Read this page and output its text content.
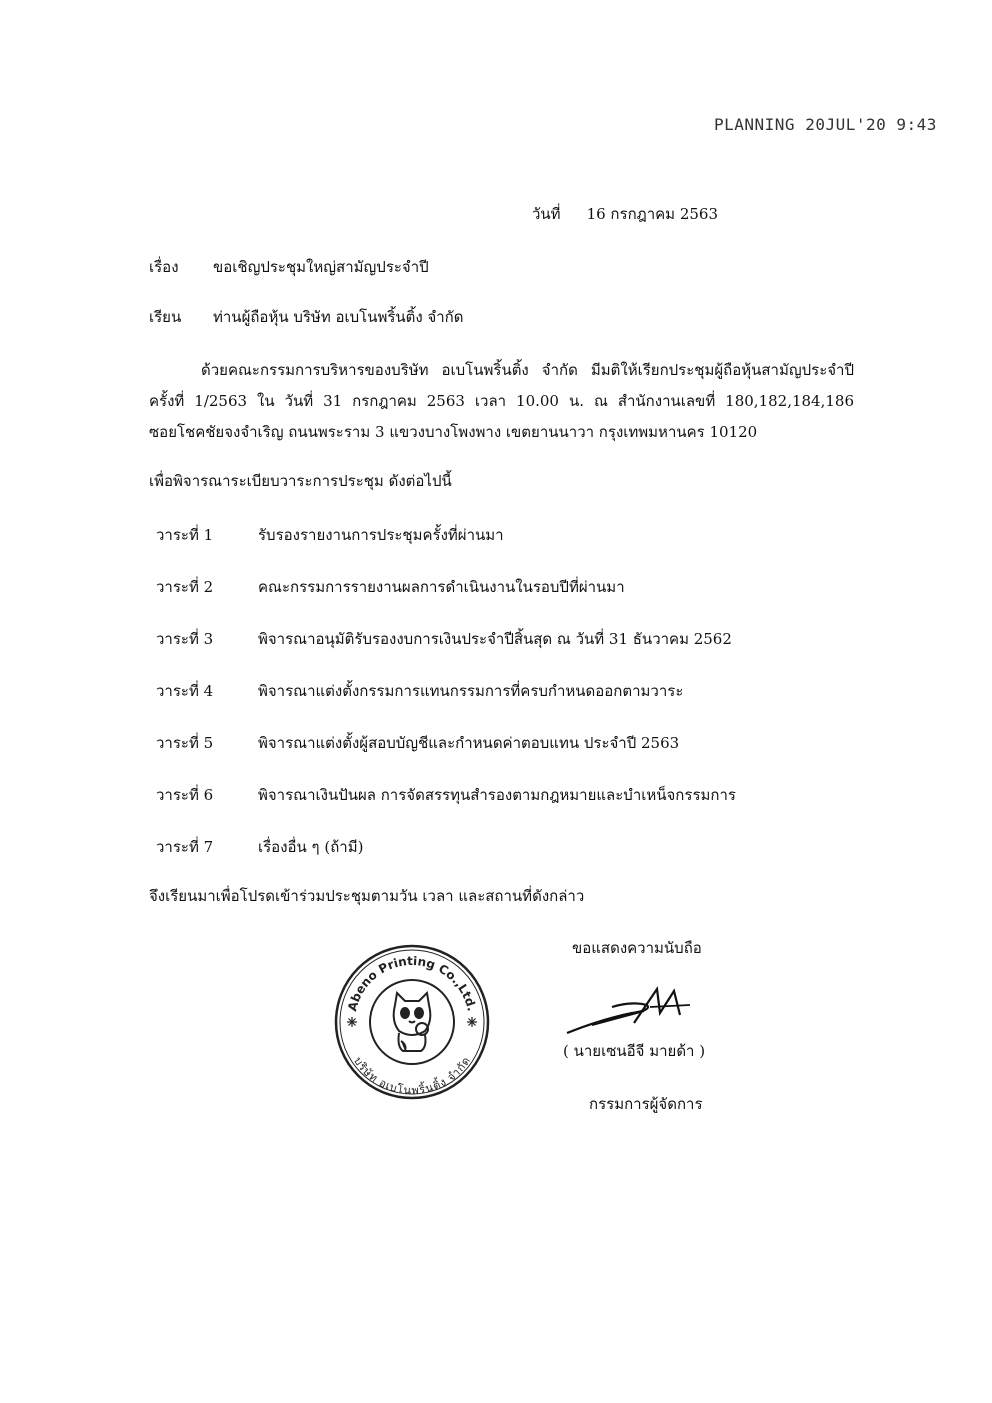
PLANNING 20JUL'20 9:43
วันที่ 16 กรกฎาคม 2563
เรื่อง ขอเชิญประชุมใหญ่สามัญประจำปี
เรียน ท่านผู้ถือหุ้น บริษัท อเบโนพริ้นติ้ง จำกัด
ด้วยคณะกรรมการบริหารของบริษัท อเบโนพริ้นติ้ง จำกัด มีมติให้เรียกประชุมผู้ถือหุ้นสามัญประจำปี
ครั้งที่ 1/2563 ใน วันที่ 31 กรกฎาคม 2563 เวลา 10.00 น. ณ สำนักงานเลขที่ 180,182,184,186
ซอยโชคชัยจงจำเริญ ถนนพระราม 3 แขวงบางโพงพาง เขตยานนาวา กรุงเทพมหานคร 10120
เพื่อพิจารณาระเบียบวาระการประชุม ดังต่อไปนี้
วาระที่ 1	รับรองรายงานการประชุมครั้งที่ผ่านมา
วาระที่ 2	คณะกรรมการรายงานผลการดำเนินงานในรอบปีที่ผ่านมา
วาระที่ 3	พิจารณาอนุมัติรับรองงบการเงินประจำปีสิ้นสุด ณ วันที่ 31 ธันวาคม 2562
วาระที่ 4	พิจารณาแต่งตั้งกรรมการแทนกรรมการที่ครบกำหนดออกตามวาระ
วาระที่ 5	พิจารณาแต่งตั้งผู้สอบบัญชีและกำหนดค่าตอบแทน ประจำปี 2563
วาระที่ 6	พิจารณาเงินปันผล การจัดสรรทุนสำรองตามกฎหมายและบำเหน็จกรรมการ
วาระที่ 7	เรื่องอื่น ๆ (ถ้ามี)
จึงเรียนมาเพื่อโปรดเข้าร่วมประชุมตามวัน เวลา และสถานที่ดังกล่าว
ขอแสดงความนับถือ
Abeno Printing Co.,Ltd.
บริษัท อเบโนพริ้นติ้ง จำกัด
( นายเซนอีจี มายด้า )
กรรมการผู้จัดการ
